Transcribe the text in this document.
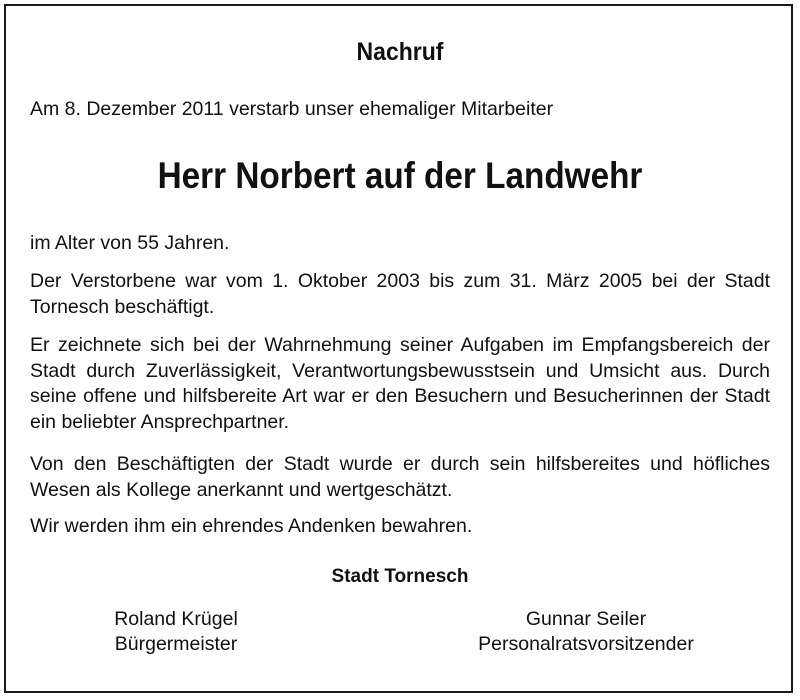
Nachruf

Am 8. Dezember 2011 verstarb unser ehemaliger Mitarbeiter

Herr Norbert auf der Landwehr

im Alter von 55 Jahren.

Der Verstorbene war vom 1. Oktober 2003 bis zum 31. März 2005 bei der Stadt Tornesch beschäftigt.

Er zeichnete sich bei der Wahrnehmung seiner Aufgaben im Empfangsbereich der Stadt durch Zuverlässigkeit, Verantwortungsbewusstsein und Umsicht aus. Durch seine offene und hilfsbereite Art war er den Besuchern und Besucherinnen der Stadt ein beliebter Ansprechpartner.

Von den Beschäftigten der Stadt wurde er durch sein hilfsbereites und höfliches Wesen als Kollege anerkannt und wertgeschätzt.

Wir werden ihm ein ehrendes Andenken bewahren.

Stadt Tornesch
Roland Krügel
Bürgermeister
Gunnar Seiler
Personalratsvorsitzender
